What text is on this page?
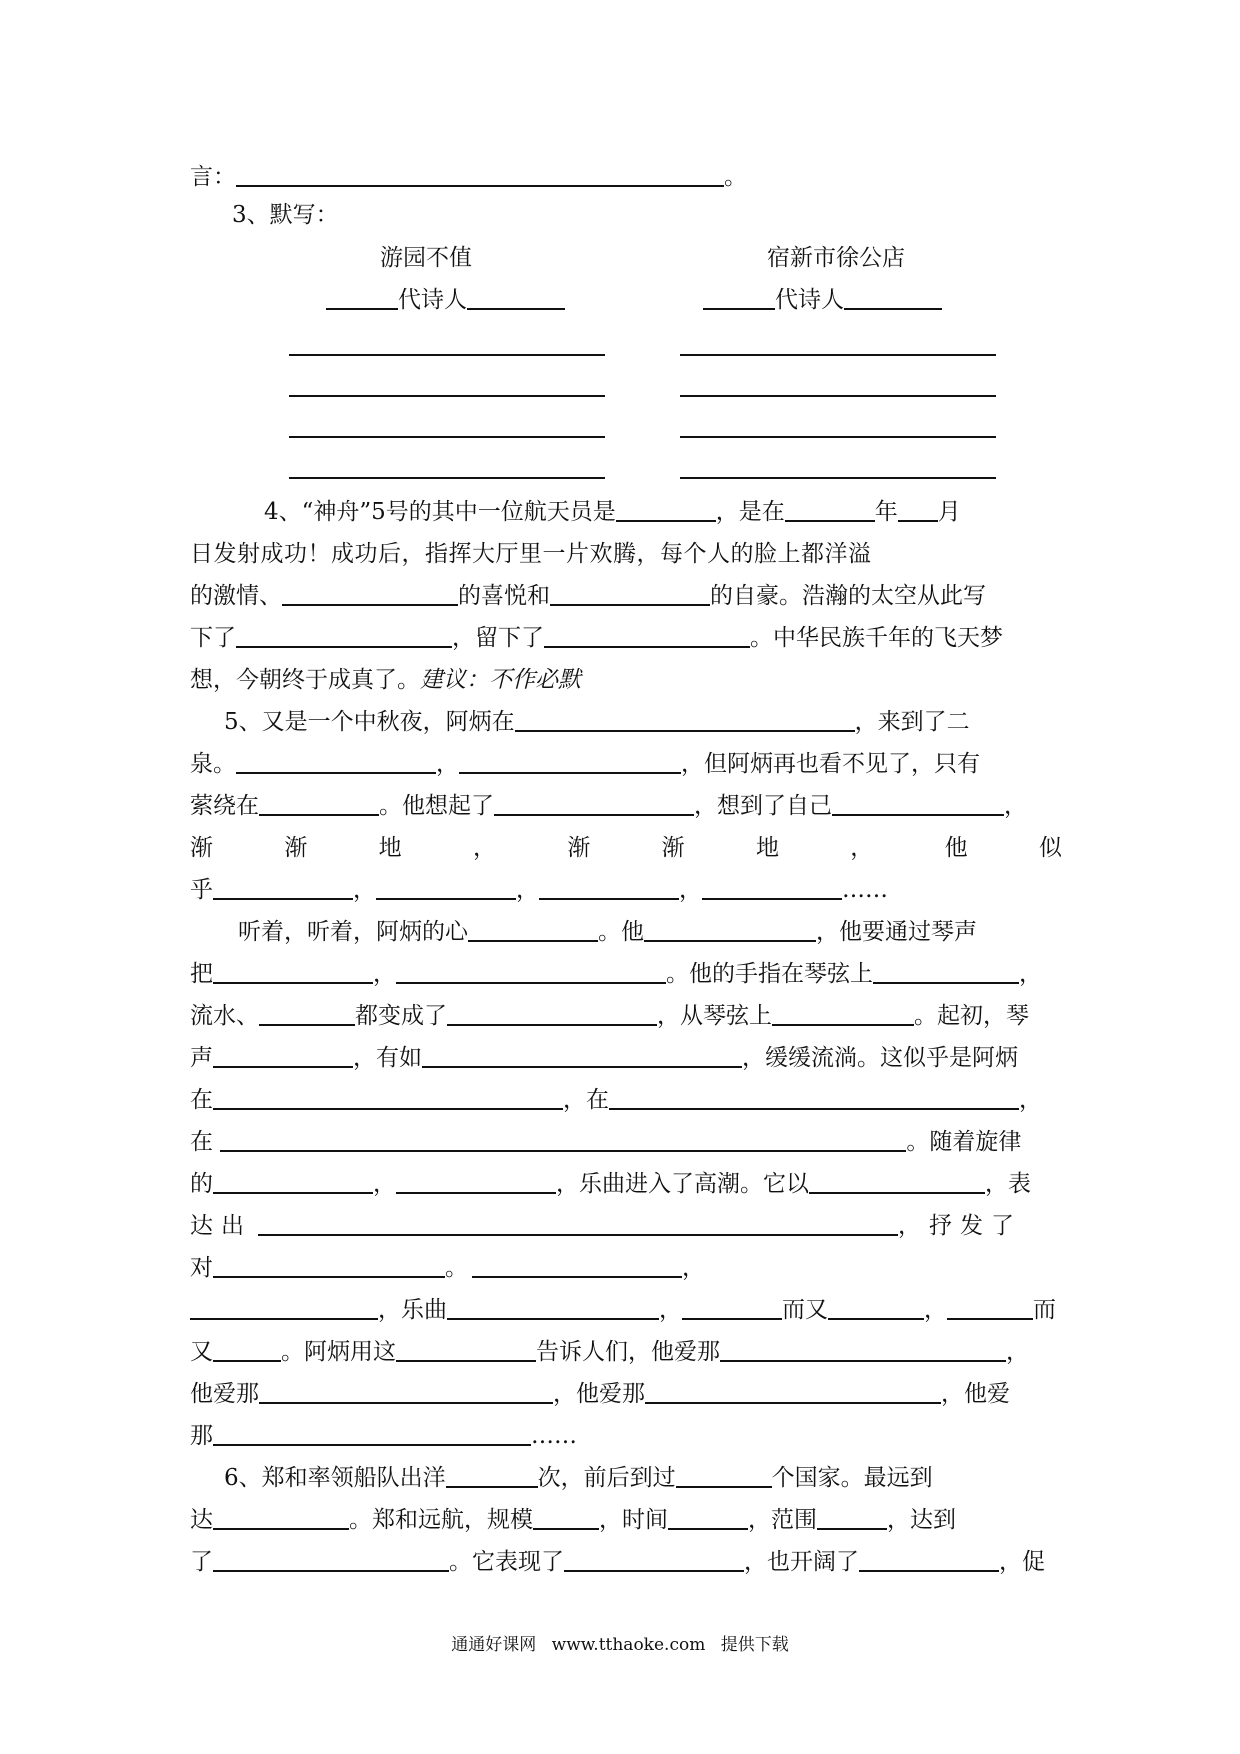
言：	。
3、默写：
游园不值	宿新市徐公店
代诗人	代诗人
4、“神舟”5号的其中一位航天员是	，是在	年 月
日发射成功！成功后，指挥大厅里一片欢腾，每个人的脸上都洋溢
的激情、	的喜悦和	的自豪。浩瀚的太空从此写
下了	，留下了	。中华民族千年的飞天梦
想，今朝终于成真了。建议：不作必默
5、又是一个中秋夜，阿炳在	，来到了二
泉。	，	，但阿炳再也看不见了，只有
萦绕在	。他想起了	，想到了自己	，
渐	渐	地	，	渐	渐	地	，	他	似
乎	，	，	，	……
听着，听着，阿炳的心	。他	，他要通过琴声
把	，	。他的手指在琴弦上	，
流水、	都变成了	，从琴弦上	。起初，琴
声	，有如	，缓缓流淌。这似乎是阿炳
在	，在	，
在	。随着旋律
的	，	，乐曲进入了高潮。它以	，表
达出	，抒发了
对	。	，
，乐曲	，	而又	，	而
又	。阿炳用这	告诉人们，他爱那	，
他爱那	，他爱那	，他爱
那	……
6、郑和率领船队出洋	次，前后到过	个国家。最远到
达	。郑和远航，规模	，时间	，范围	，达到
了	。它表现了	，也开阔了	，促
通通好课网 www.tthaoke.com 提供下载
